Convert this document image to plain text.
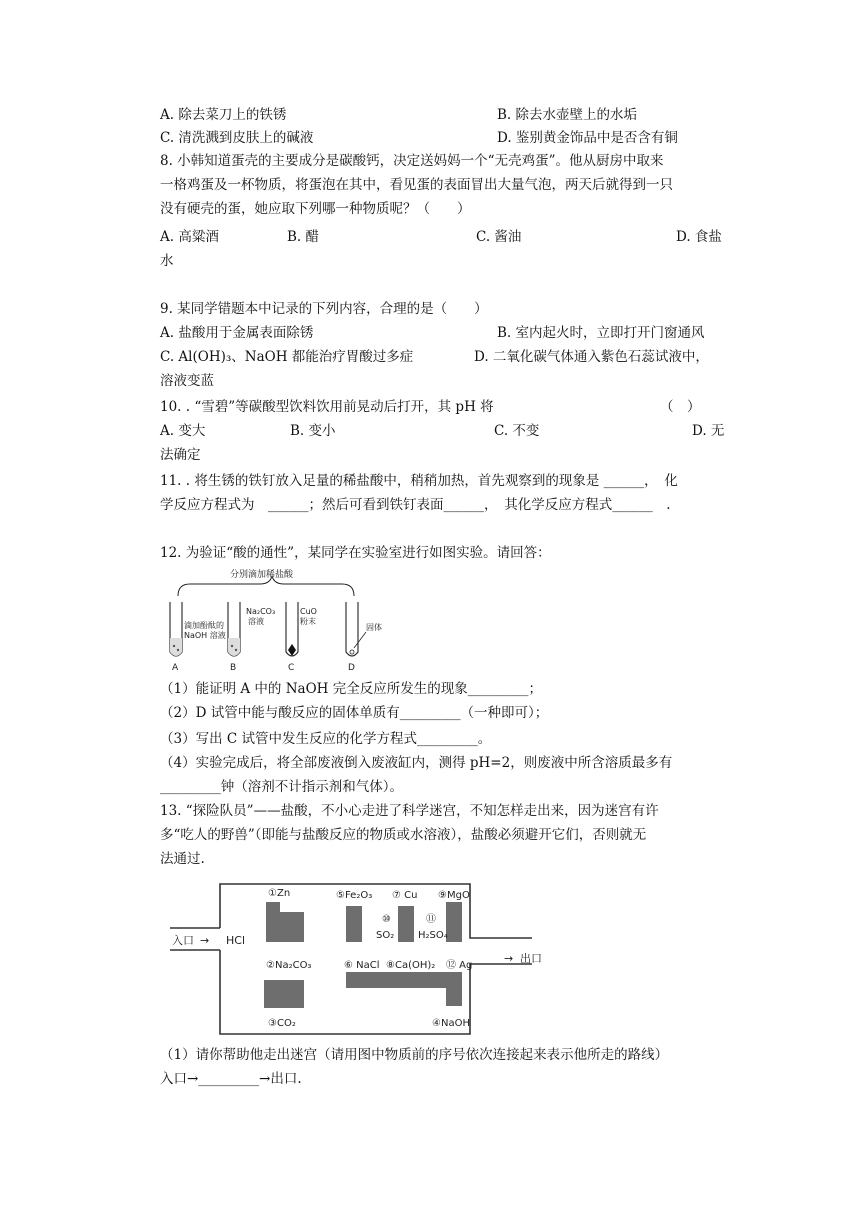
A. 除去菜刀上的铁锈	B. 除去水壶壁上的水垢
C. 清洗溅到皮肤上的碱液	D. 鉴别黄金饰品中是否含有铜
8. 小韩知道蛋壳的主要成分是碳酸钙，决定送妈妈一个“无壳鸡蛋”。他从厨房中取来
一格鸡蛋及一杯物质，将蛋泡在其中，看见蛋的表面冒出大量气泡，两天后就得到一只
没有硬壳的蛋，她应取下列哪一种物质呢？（　　）
A. 高粱酒	B. 醋	C. 酱油	D. 食盐
水
9. 某同学错题本中记录的下列内容，合理的是（　　）
A. 盐酸用于金属表面除锈	B. 室内起火时，立即打开门窗通风
C. Al(OH)₃、NaOH 都能治疗胃酸过多症	D. 二氧化碳气体通入紫色石蕊试液中，
溶液变蓝
10. . “雪碧”等碳酸型饮料饮用前晃动后打开，其 pH 将	（　）
A. 变大	B. 变小	C. 不变	D. 无
法确定
11. . 将生锈的铁钉放入足量的稀盐酸中，稍稍加热，首先观察到的现象是 ______，　化
学反应方程式为　______；然后可看到铁钉表面______，　其化学反应方程式______　.
12. 为验证“酸的通性”，某同学在实验室进行如图实验。请回答：
分别滴加稀盐酸
滴加酚酞的
NaOH 溶液
A
Na₂CO₃
溶液
B
CuO
粉末
C
固体
D
（1）能证明 A 中的 NaOH 完全反应所发生的现象_________；
（2）D 试管中能与酸反应的固体单质有_________（一种即可）；
（3）写出 C 试管中发生反应的化学方程式_________。
（4）实验完成后，将全部废液倒入废液缸内，测得 pH=2，则废液中所含溶质最多有
_________钟（溶剂不计指示剂和气体）。
13. “探险队员”——盐酸，不小心走进了科学迷宫，不知怎样走出来，因为迷宫有许
多“吃人的野兽”（即能与盐酸反应的物质或水溶液），盐酸必须避开它们，否则就无
法通过.
入口 → HCl
→ 出口
①Zn	⑤Fe₂O₃ ⑦ Cu ⑨MgO
⑩
SO₂
⑪
H₂SO₄
②Na₂CO₃	⑥ NaCl ⑧Ca(OH)₂ ⑫ Ag
③CO₂	④NaOH
（1）请你帮助他走出迷宫（请用图中物质前的序号依次连接起来表示他所走的路线）
入口→_________→出口.
